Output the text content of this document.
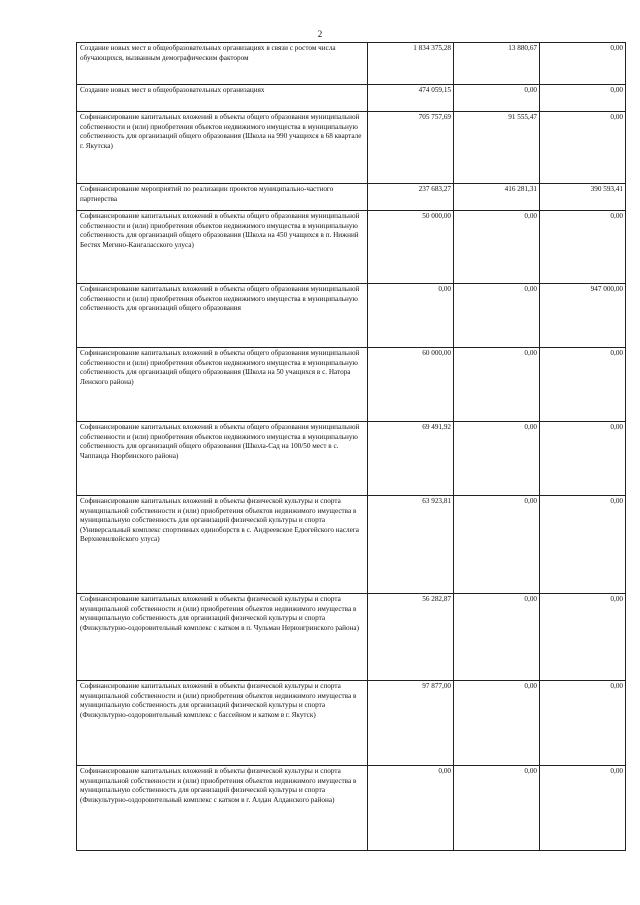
2
Создание новых мест в общеобразовательных организациях в связи с ростом числа обучающихся, вызванным демографическим фактором	1 834 375,28	13 880,67	0,00
Создание новых мест в общеобразовательных организациях	474 059,15	0,00	0,00
Софинансирование капитальных вложений в объекты общего образования муниципальной собственности и (или) приобретения объектов недвижимого имущества в муниципальную собственность для организаций общего образования (Школа на 990 учащихся в 68 квартале г. Якутска)	705 757,69	91 555,47	0,00
Софинансирование мероприятий по реализации проектов муниципально-частного партнерства	237 683,27	416 281,31	390 593,41
Софинансирование капитальных вложений в объекты общего образования муниципальной собственности и (или) приобретения объектов недвижимого имущества в муниципальную собственность для организаций общего образования (Школа на 450 учащихся в п. Нижний Бестях Мегино-Кангаласского улуса)	50 000,00	0,00	0,00
Софинансирование капитальных вложений в объекты общего образования муниципальной собственности и (или) приобретения объектов недвижимого имущества в муниципальную собственность для организаций общего образования	0,00	0,00	947 000,00
Софинансирование капитальных вложений в объекты общего образования муниципальной собственности и (или) приобретения объектов недвижимого имущества в муниципальную собственность для организаций общего образования (Школа на 50 учащихся в с. Натора Ленского района)	60 000,00	0,00	0,00
Софинансирование капитальных вложений в объекты общего образования муниципальной собственности и (или) приобретения объектов недвижимого имущества в муниципальную собственность для организаций общего образования (Школа-Сад на 100/50 мест в с. Чаппанда Нюрбинского района)	69 491,92	0,00	0,00
Софинансирование капитальных вложений в объекты физической культуры и спорта муниципальной собственности и (или) приобретения объектов недвижимого имущества в муниципальную собственность для организаций физической культуры и спорта (Универсальный комплекс спортивных единоборств в с. Андреевское Едюгейского наслега Верхневилюйского улуса)	63 923,81	0,00	0,00
Софинансирование капитальных вложений в объекты физической культуры и спорта муниципальной собственности и (или) приобретения объектов недвижимого имущества в муниципальную собственность для организаций физической культуры и спорта (Физкультурно-оздоровительный комплекс с катком в п. Чульман Нерюнгринского района)	56 282,87	0,00	0,00
Софинансирование капитальных вложений в объекты физической культуры и спорта муниципальной собственности и (или) приобретения объектов недвижимого имущества в муниципальную собственность для организаций физической культуры и спорта (Физкультурно-оздоровительный комплекс с бассейном и катком в г. Якутск)	97 877,00	0,00	0,00
Софинансирование капитальных вложений в объекты физической культуры и спорта муниципальной собственности и (или) приобретения объектов недвижимого имущества в муниципальную собственность для организаций физической культуры и спорта (Физкультурно-оздоровительный комплекс с катком в г. Алдан Алданского района)	0,00	0,00	0,00
